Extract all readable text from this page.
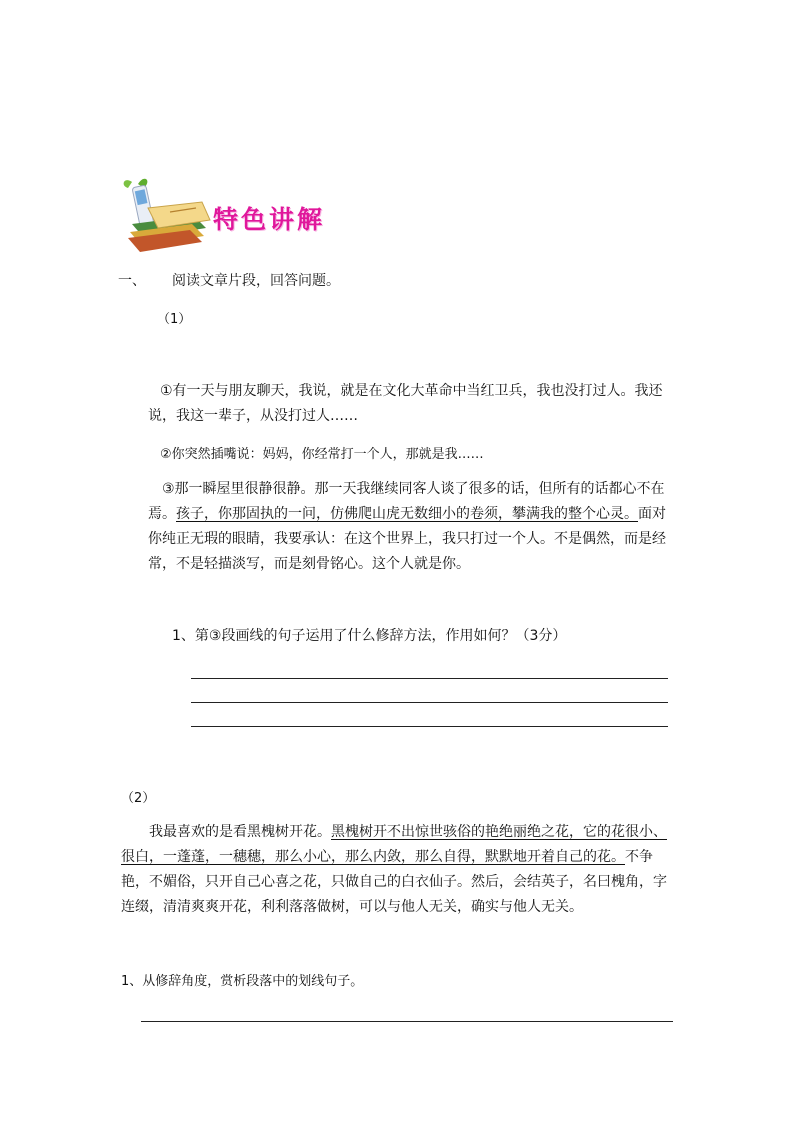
特色讲解
一、 阅读文章片段，回答问题。
（1）
①有一天与朋友聊天，我说，就是在文化大革命中当红卫兵，我也没打过人。我还说，我这一辈子，从没打过人……
②你突然插嘴说：妈妈，你经常打一个人，那就是我……
③那一瞬屋里很静很静。那一天我继续同客人谈了很多的话，但所有的话都心不在焉。孩子，你那固执的一问，仿佛爬山虎无数细小的卷须，攀满我的整个心灵。面对你纯正无瑕的眼睛，我要承认：在这个世界上，我只打过一个人。不是偶然，而是经常，不是轻描淡写，而是刻骨铭心。这个人就是你。
1、第③段画线的句子运用了什么修辞方法，作用如何？（3分）
（2）
我最喜欢的是看黑槐树开花。黑槐树开不出惊世骇俗的艳绝丽绝之花，它的花很小、很白，一蓬蓬，一穗穗，那么小心，那么内敛，那么自得，默默地开着自己的花。不争艳，不媚俗，只开自己心喜之花，只做自己的白衣仙子。然后，会结英子，名曰槐角，字连缀，清清爽爽开花，利利落落做树，可以与他人无关，确实与他人无关。
1、从修辞角度，赏析段落中的划线句子。
